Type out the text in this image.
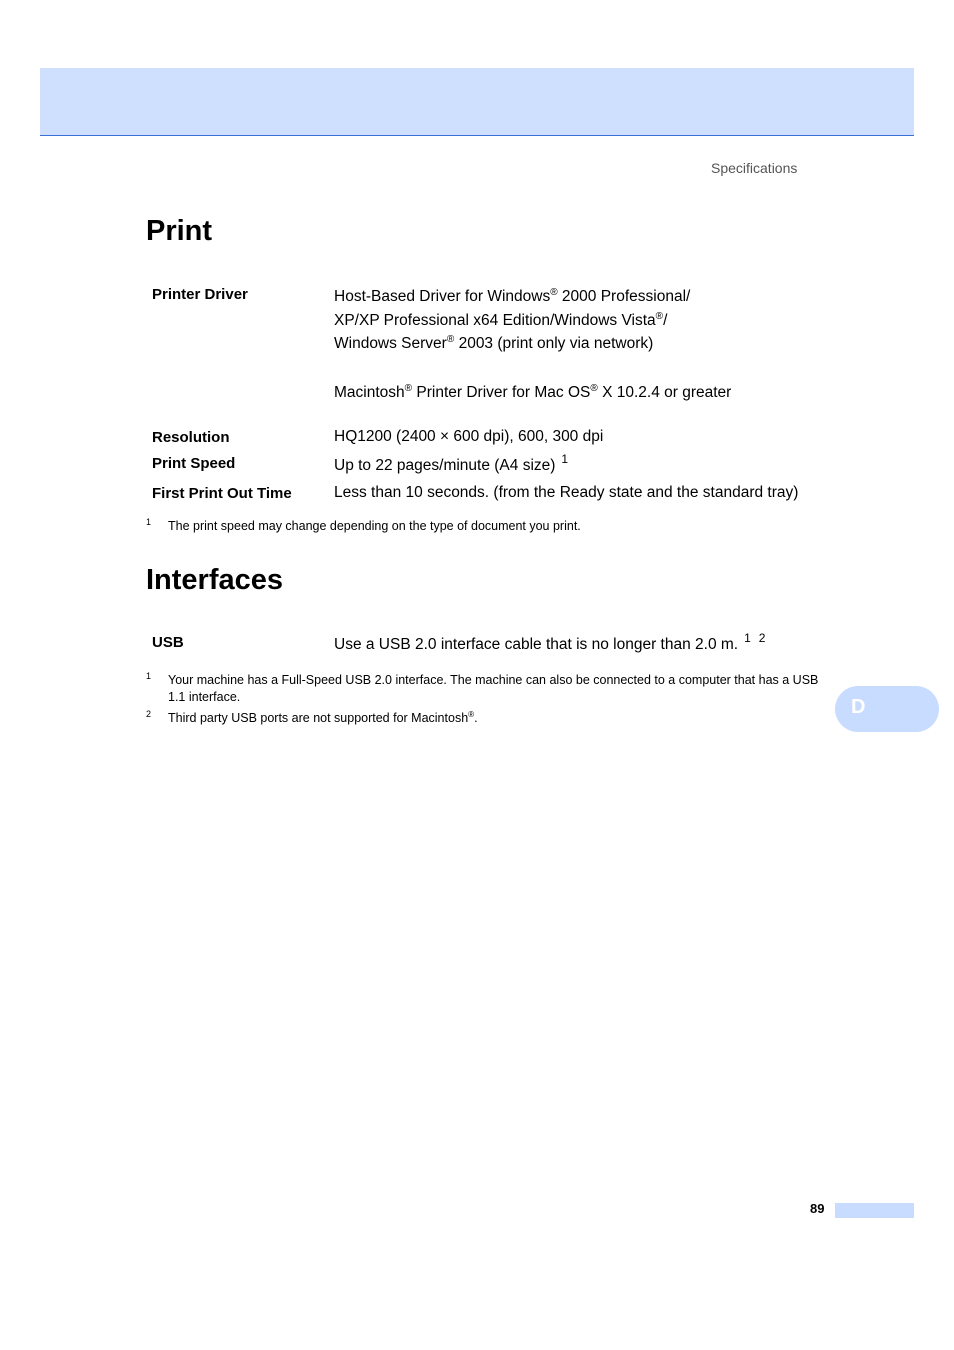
Specifications
Print
Printer Driver	Host-Based Driver for Windows® 2000 Professional/
XP/XP Professional x64 Edition/Windows Vista®/
Windows Server® 2003 (print only via network)
Macintosh® Printer Driver for Mac OS® X 10.2.4 or greater
Resolution	HQ1200 (2400 × 600 dpi), 600, 300 dpi
Print Speed	Up to 22 pages/minute (A4 size) $^1$
First Print Out Time	Less than 10 seconds. (from the Ready state and the standard tray)
1 The print speed may change depending on the type of document you print.
Interfaces
USB	Use a USB 2.0 interface cable that is no longer than 2.0 m. $^1$ $^2$
1 Your machine has a Full-Speed USB 2.0 interface. The machine can also be connected to a computer that has a USB 1.1 interface.
2 Third party USB ports are not supported for Macintosh®.	D
89
